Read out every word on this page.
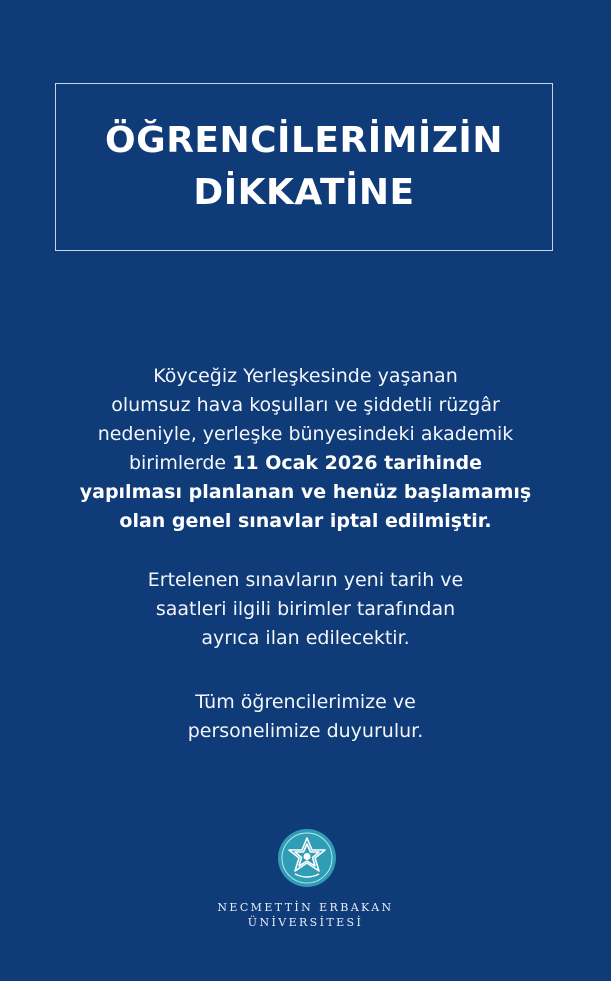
ÖĞRENCİLERİMİZİN
DİKKATİNE
Köyceğiz Yerleşkesinde yaşanan
olumsuz hava koşulları ve şiddetli rüzgâr
nedeniyle, yerleşke bünyesindeki akademik
birimlerde 11 Ocak 2026 tarihinde
yapılması planlanan ve henüz başlamamış
olan genel sınavlar iptal edilmiştir.
Ertelenen sınavların yeni tarih ve
saatleri ilgili birimler tarafından
ayrıca ilan edilecektir.
Tüm öğrencilerimize ve
personelimize duyurulur.
NECMETTİN ERBAKAN
ÜNİVERSİTESİ
